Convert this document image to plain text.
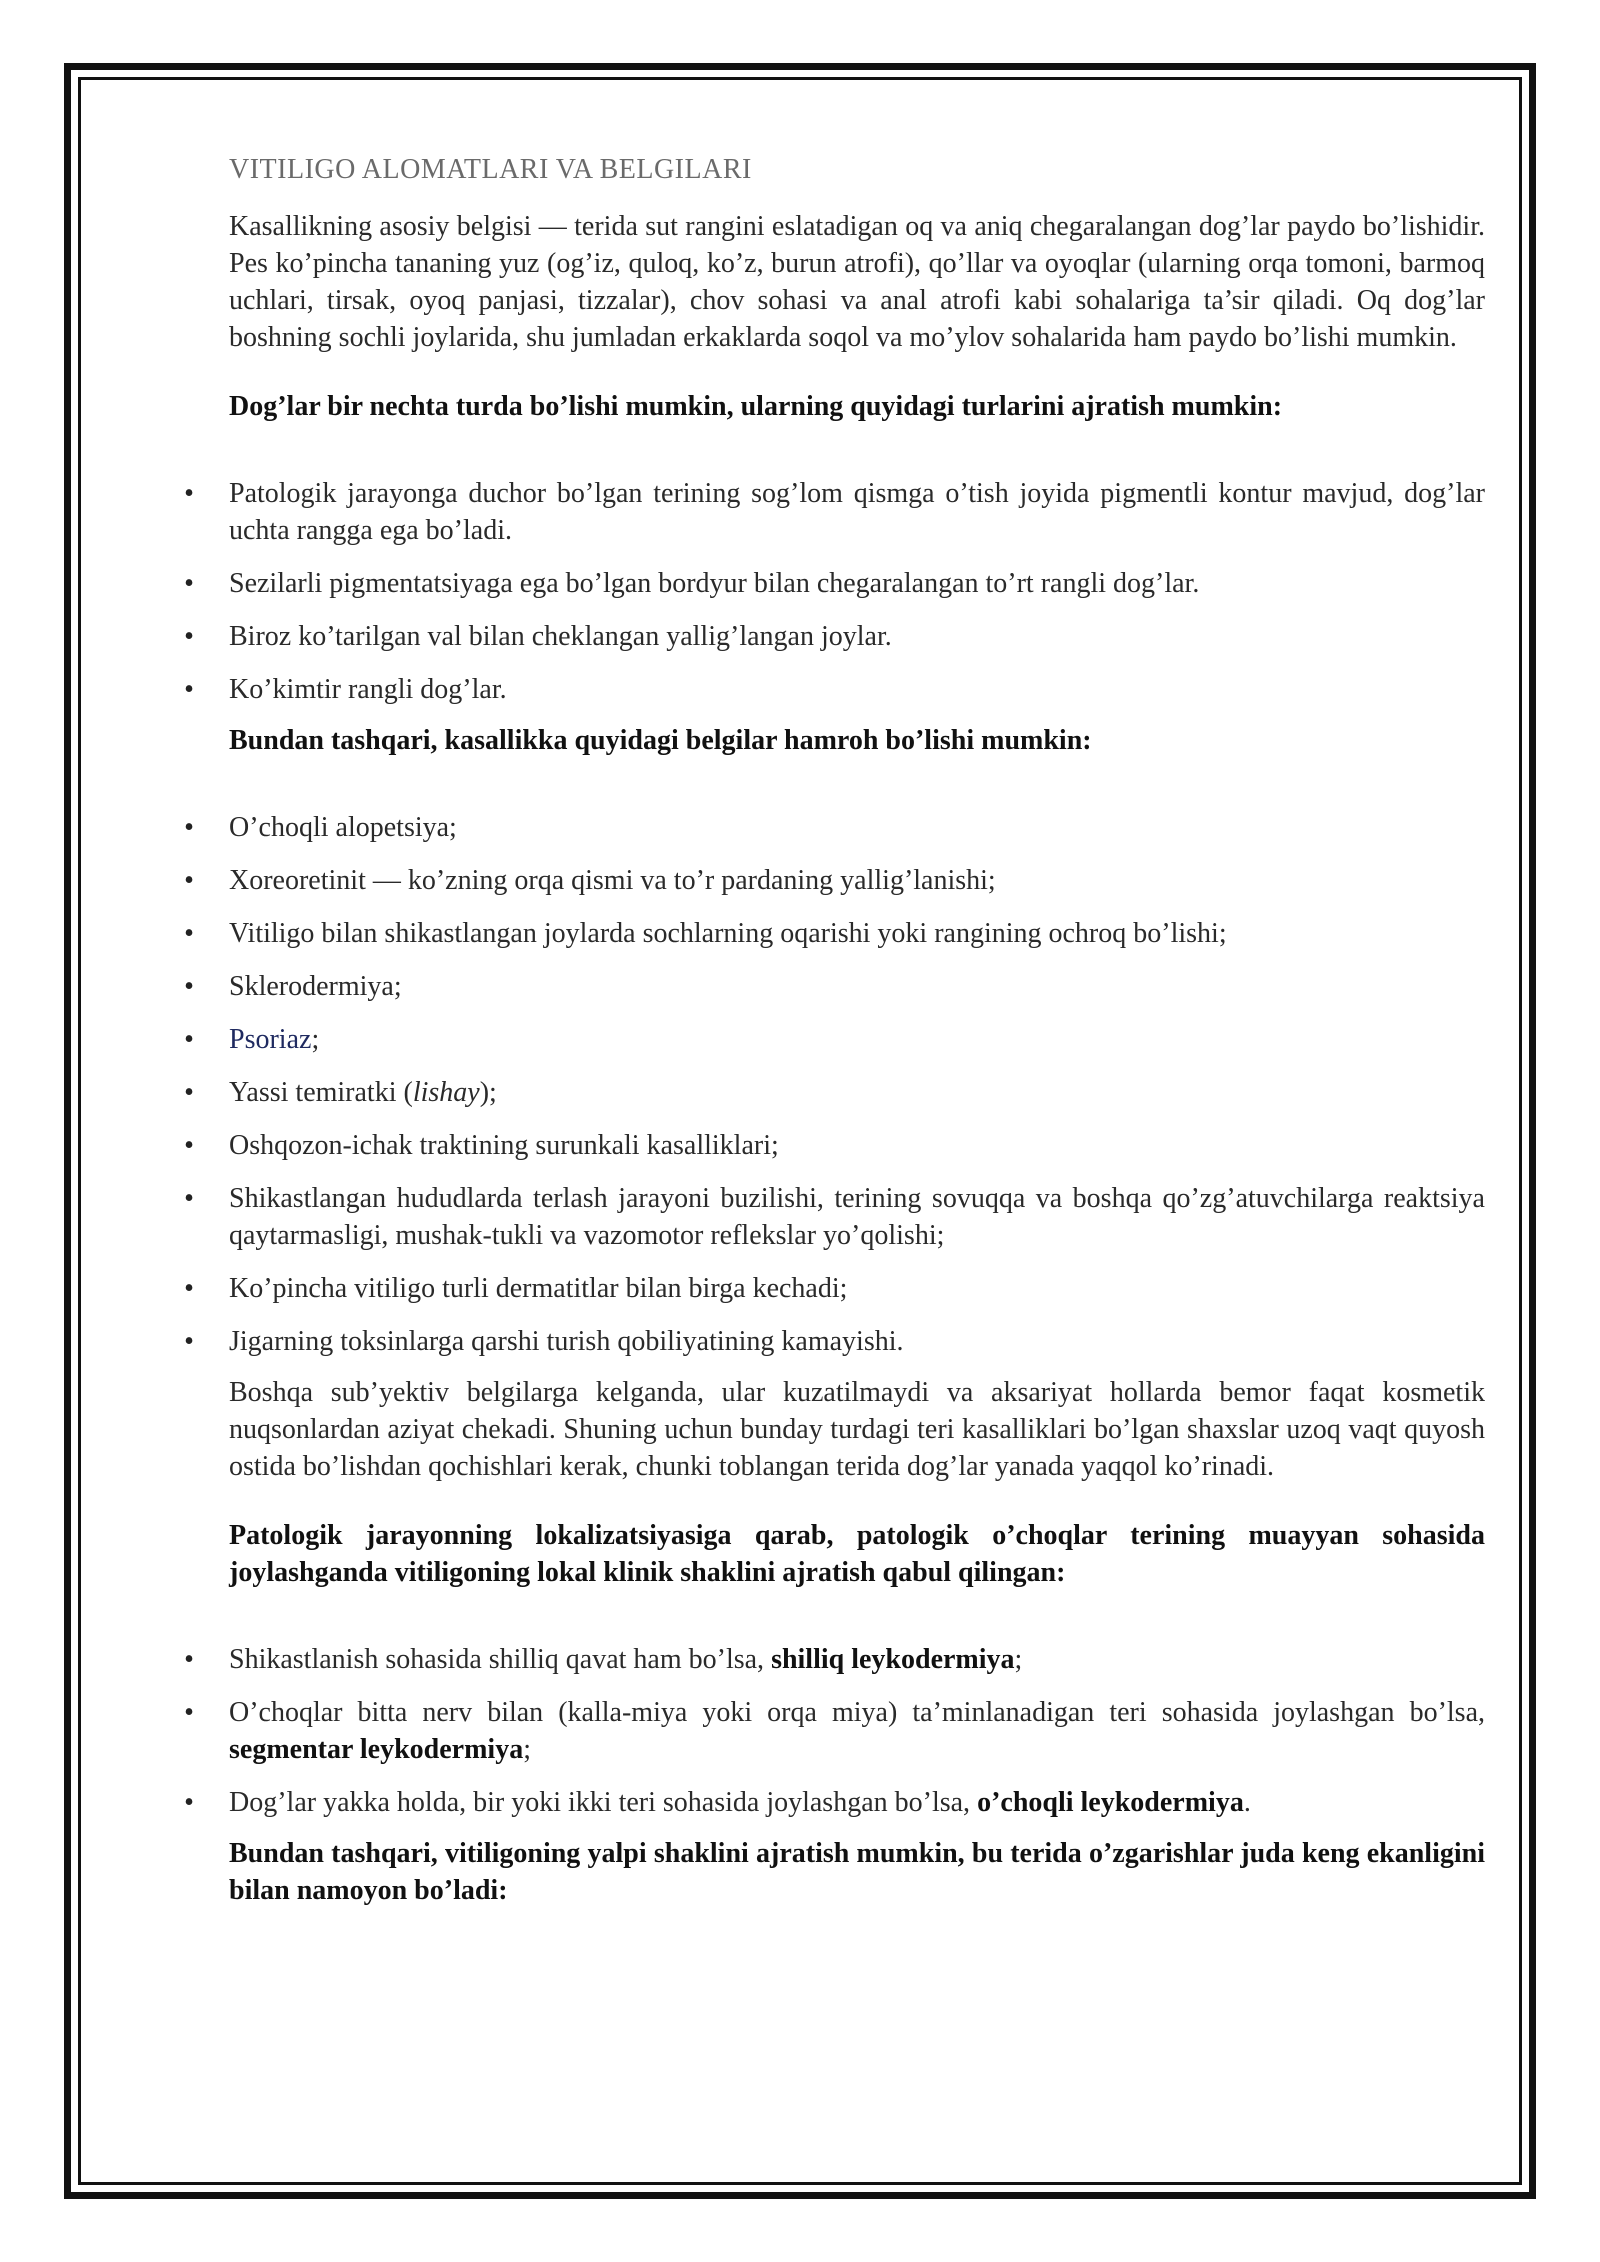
VITILIGO ALOMATLARI VA BELGILARI

Kasallikning asosiy belgisi — terida sut rangini eslatadigan oq va aniq chegaralangan dog’lar paydo bo’lishidir. Pes ko’pincha tananing yuz (og’iz, quloq, ko’z, burun atrofi), qo’llar va oyoqlar (ularning orqa tomoni, barmoq uchlari, tirsak, oyoq panjasi, tizzalar), chov sohasi va anal atrofi kabi sohalariga ta’sir qiladi. Oq dog’lar boshning sochli joylarida, shu jumladan erkaklarda soqol va mo’ylov sohalarida ham paydo bo’lishi mumkin.

Dog’lar bir nechta turda bo’lishi mumkin, ularning quyidagi turlarini ajratish mumkin:

• Patologik jarayonga duchor bo’lgan terining sog’lom qismga o’tish joyida pigmentli kontur mavjud, dog’lar uchta rangga ega bo’ladi.
• Sezilarli pigmentatsiyaga ega bo’lgan bordyur bilan chegaralangan to’rt rangli dog’lar.
• Biroz ko’tarilgan val bilan cheklangan yallig’langan joylar.
• Ko’kimtir rangli dog’lar.

Bundan tashqari, kasallikka quyidagi belgilar hamroh bo’lishi mumkin:

• O’choqli alopetsiya;
• Xoreoretinit — ko’zning orqa qismi va to’r pardaning yallig’lanishi;
• Vitiligo bilan shikastlangan joylarda sochlarning oqarishi yoki rangining ochroq bo’lishi;
• Sklerodermiya;
• Psoriaz;
• Yassi temiratki (lishay);
• Oshqozon-ichak traktining surunkali kasalliklari;
• Shikastlangan hududlarda terlash jarayoni buzilishi, terining sovuqqa va boshqa qo’zg’atuvchilarga reaktsiya qaytarmasligi, mushak-tukli va vazomotor reflekslar yo’qolishi;
• Ko’pincha vitiligo turli dermatitlar bilan birga kechadi;
• Jigarning toksinlarga qarshi turish qobiliyatining kamayishi.

Boshqa sub’yektiv belgilarga kelganda, ular kuzatilmaydi va aksariyat hollarda bemor faqat kosmetik nuqsonlardan aziyat chekadi. Shuning uchun bunday turdagi teri kasalliklari bo’lgan shaxslar uzoq vaqt quyosh ostida bo’lishdan qochishlari kerak, chunki toblangan terida dog’lar yanada yaqqol ko’rinadi.

Patologik jarayonning lokalizatsiyasiga qarab, patologik o’choqlar terining muayyan sohasida joylashganda vitiligoning lokal klinik shaklini ajratish qabul qilingan:

• Shikastlanish sohasida shilliq qavat ham bo’lsa, shilliq leykodermiya;
• O’choqlar bitta nerv bilan (kalla-miya yoki orqa miya) ta’minlanadigan teri sohasida joylashgan bo’lsa, segmentar leykodermiya;
• Dog’lar yakka holda, bir yoki ikki teri sohasida joylashgan bo’lsa, o’choqli leykodermiya.

Bundan tashqari, vitiligoning yalpi shaklini ajratish mumkin, bu terida o’zgarishlar juda keng ekanligini bilan namoyon bo’ladi:
